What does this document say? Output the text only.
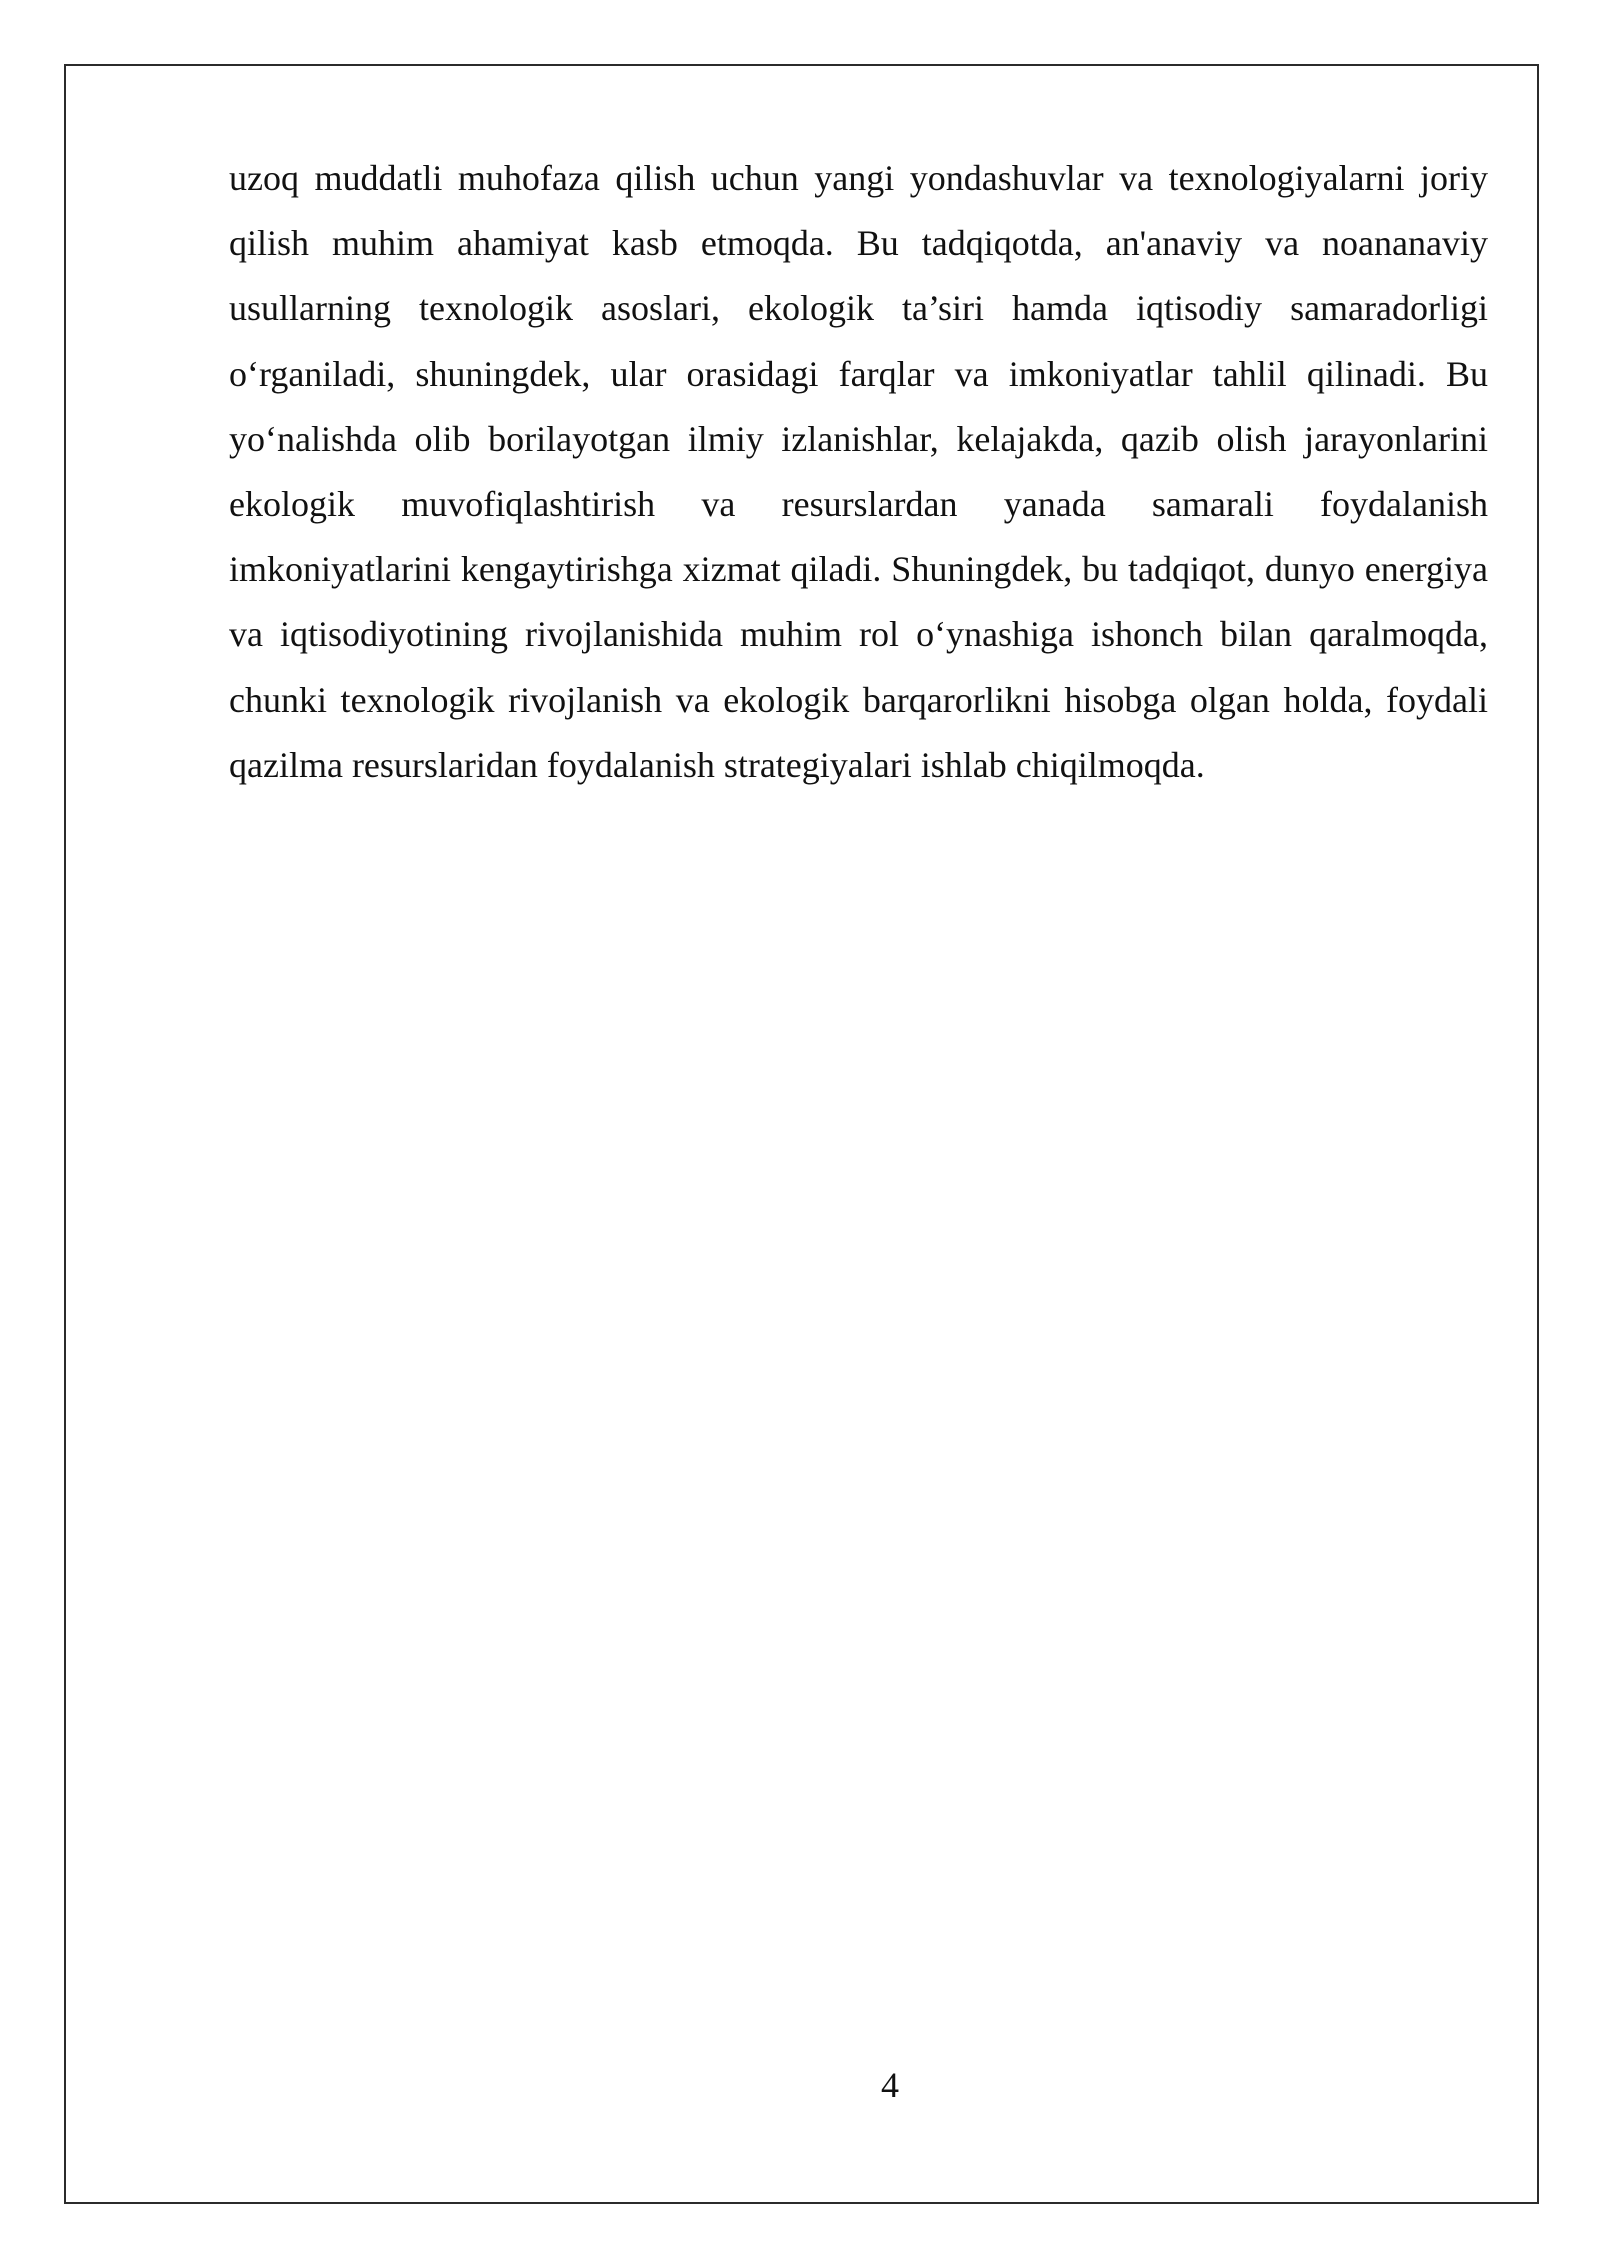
uzoq muddatli muhofaza qilish uchun yangi yondashuvlar va texnologiyalarni joriy qilish muhim ahamiyat kasb etmoqda. Bu tadqiqotda, an'anaviy va noananaviy usullarning texnologik asoslari, ekologik ta’siri hamda iqtisodiy samaradorligi o‘rganiladi, shuningdek, ular orasidagi farqlar va imkoniyatlar tahlil qilinadi. Bu yo‘nalishda olib borilayotgan ilmiy izlanishlar, kelajakda, qazib olish jarayonlarini ekologik muvofiqlashtirish va resurslardan yanada samarali foydalanish imkoniyatlarini kengaytirishga xizmat qiladi. Shuningdek, bu tadqiqot, dunyo energiya va iqtisodiyotining rivojlanishida muhim rol o‘ynashiga ishonch bilan qaralmoqda, chunki texnologik rivojlanish va ekologik barqarorlikni hisobga olgan holda, foydali qazilma resurslaridan foydalanish strategiyalari ishlab chiqilmoqda.

4
